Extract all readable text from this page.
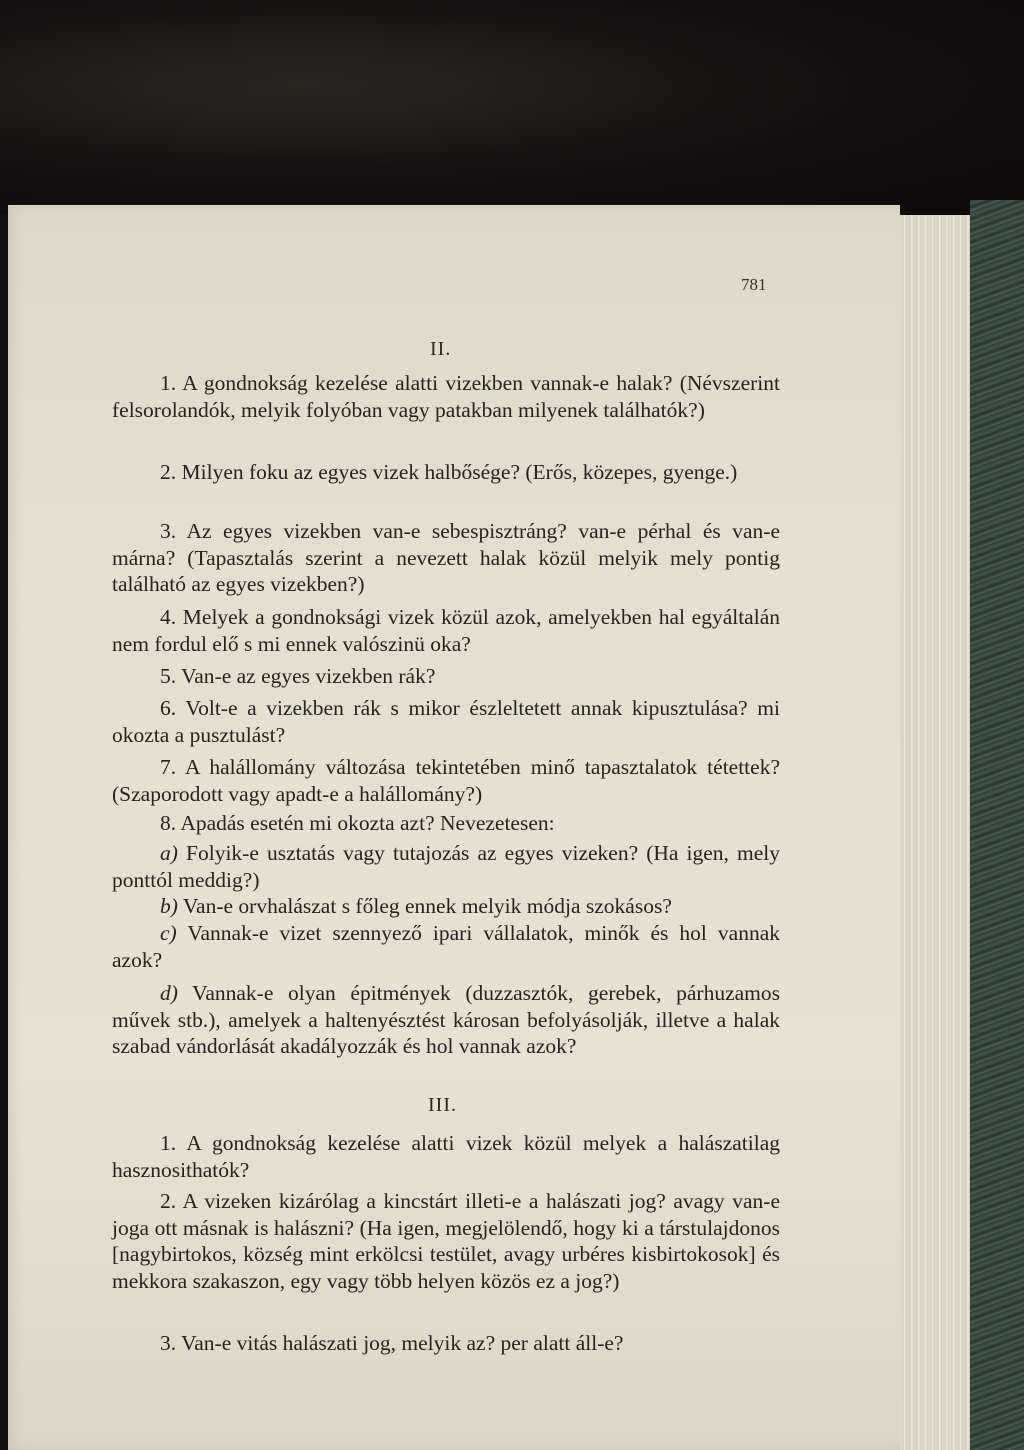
781
II.
1. A gondnokság kezelése alatti vizekben vannak-e halak? (Névszerint felsorolandók, melyik folyóban vagy patakban milyenek találhatók?)
2. Milyen foku az egyes vizek halbősége? (Erős, közepes, gyenge.)
3. Az egyes vizekben van-e sebespisztráng? van-e pérhal és van-e márna? (Tapasztalás szerint a nevezett halak közül melyik mely pontig található az egyes vizekben?)
4. Melyek a gondnoksági vizek közül azok, amelyekben hal egyáltalán nem fordul elő s mi ennek valószinü oka?
5. Van-e az egyes vizekben rák?
6. Volt-e a vizekben rák s mikor észleltetett annak kipusztulása? mi okozta a pusztulást?
7. A halállomány változása tekintetében minő tapasztalatok tétettek? (Szaporodott vagy apadt-e a halállomány?)
8. Apadás esetén mi okozta azt? Nevezetesen:
a) Folyik-e usztatás vagy tutajozás az egyes vizeken? (Ha igen, mely ponttól meddig?)
b) Van-e orvhalászat s főleg ennek melyik módja szokásos?
c) Vannak-e vizet szennyező ipari vállalatok, minők és hol vannak azok?
d) Vannak-e olyan épitmények (duzzasztók, gerebek, párhuzamos művek stb.), amelyek a haltenyésztést károsan befolyásolják, illetve a halak szabad vándorlását akadályozzák és hol vannak azok?
III.
1. A gondnokság kezelése alatti vizek közül melyek a halászatilag hasznosithatók?
2. A vizeken kizárólag a kincstárt illeti-e a halászati jog? avagy van-e joga ott másnak is halászni? (Ha igen, megjelölendő, hogy ki a társtulajdonos [nagybirtokos, község mint erkölcsi testület, avagy urbéres kisbirtokosok] és mekkora szakaszon, egy vagy több helyen közös ez a jog?)
3. Van-e vitás halászati jog, melyik az? per alatt áll-e?
